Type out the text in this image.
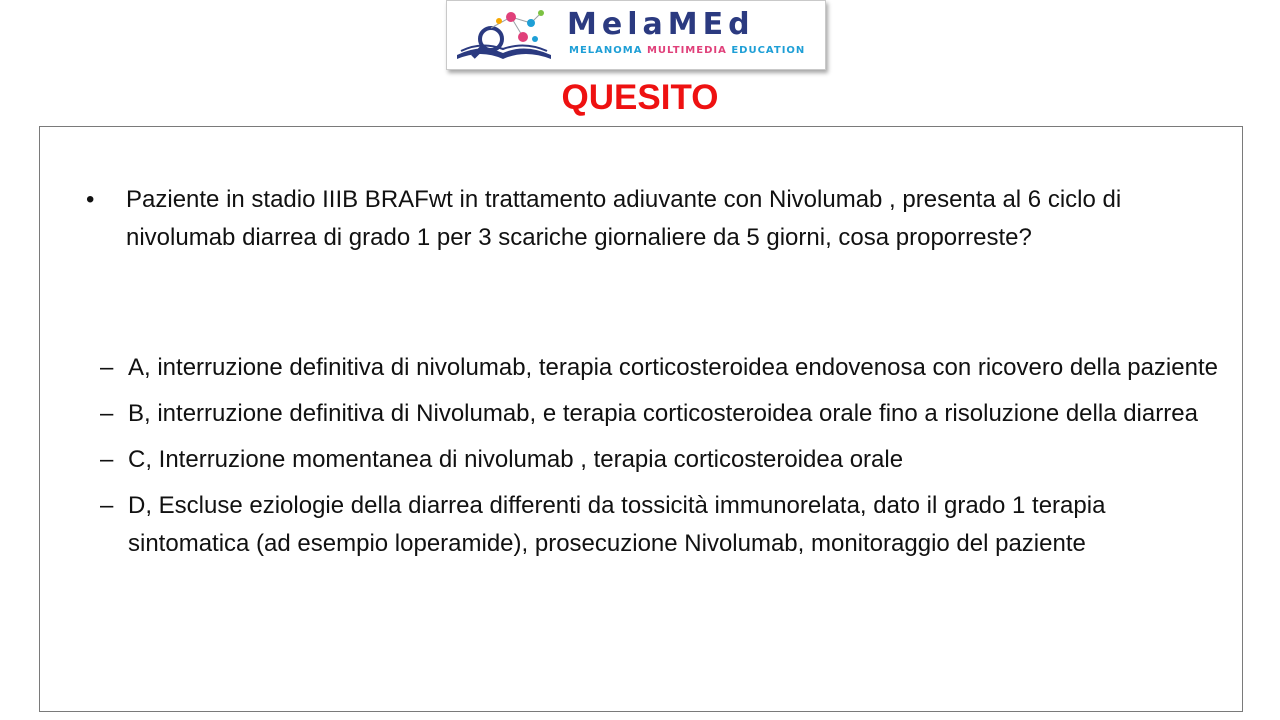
MelaMEd
MELANOMA MULTIMEDIA EDUCATION
QUESITO
• Paziente in stadio IIIB BRAFwt in trattamento adiuvante con Nivolumab , presenta al 6 ciclo di nivolumab diarrea di grado 1 per 3 scariche giornaliere da 5 giorni, cosa proporreste?
– A, interruzione definitiva di nivolumab, terapia corticosteroidea endovenosa con ricovero della paziente
– B, interruzione definitiva di Nivolumab, e terapia corticosteroidea orale fino a risoluzione della diarrea
– C, Interruzione momentanea di nivolumab , terapia corticosteroidea orale
– D, Escluse eziologie della diarrea differenti da tossicità immunorelata, dato il grado 1 terapia sintomatica (ad esempio loperamide), prosecuzione Nivolumab, monitoraggio del paziente
